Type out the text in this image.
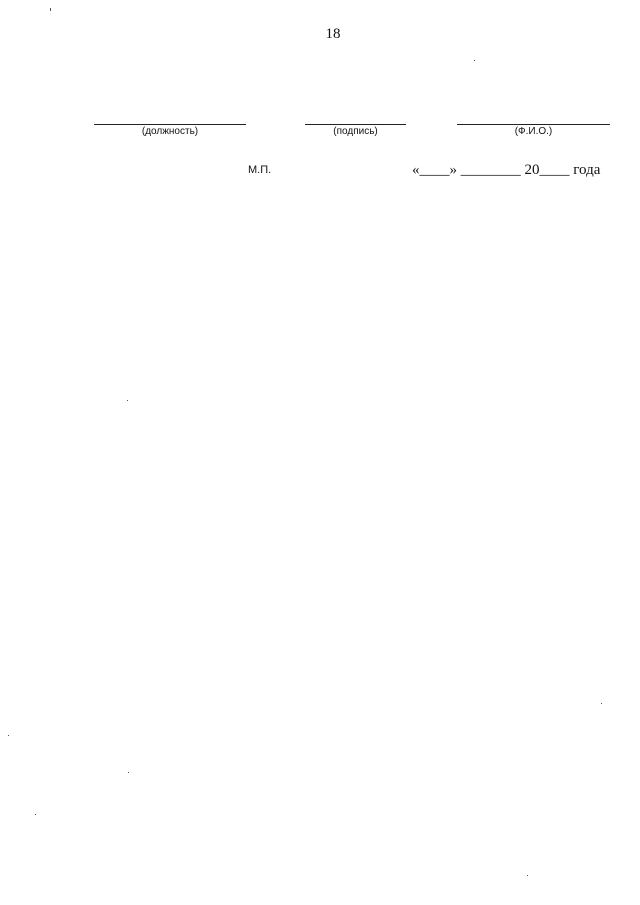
18
(должность)	(подпись)	(Ф.И.О.)
М.П.	«____» ________ 20____ года
